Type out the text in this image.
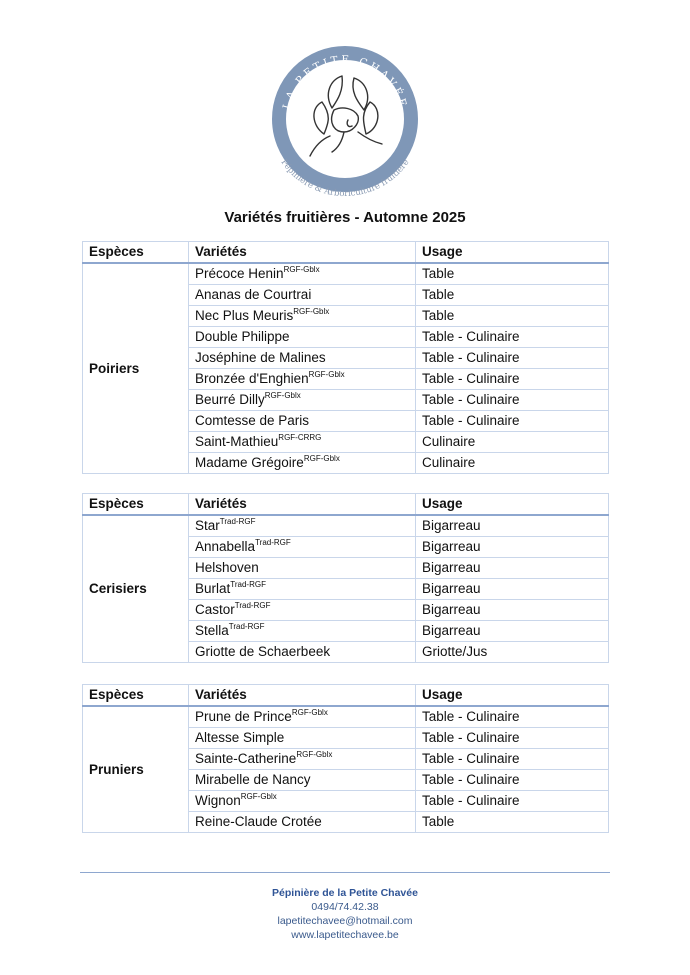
LA PETITE CHAVÉE
Pépinière & Arboriculture fruitière
Variétés fruitières - Automne 2025
Espèces	Variétés	Usage
Poiriers	Précoce Henin$^{RGF-Gblx}$	Table
	Ananas de Courtrai	Table
	Nec Plus Meuris$^{RGF-Gblx}$	Table
	Double Philippe	Table - Culinaire
	Joséphine de Malines	Table - Culinaire
	Bronzée d'Enghien$^{RGF-Gblx}$	Table - Culinaire
	Beurré Dilly$^{RGF-Gblx}$	Table - Culinaire
	Comtesse de Paris	Table - Culinaire
	Saint-Mathieu$^{RGF-CRRG}$	Culinaire
	Madame Grégoire$^{RGF-Gblx}$	Culinaire
Espèces	Variétés	Usage
Cerisiers	Star$^{Trad-RGF}$	Bigarreau
	Annabella$^{Trad-RGF}$	Bigarreau
	Helshoven	Bigarreau
	Burlat$^{Trad-RGF}$	Bigarreau
	Castor$^{Trad-RGF}$	Bigarreau
	Stella$^{Trad-RGF}$	Bigarreau
	Griotte de Schaerbeek	Griotte/Jus
Espèces	Variétés	Usage
Pruniers	Prune de Prince$^{RGF-Gblx}$	Table - Culinaire
	Altesse Simple	Table - Culinaire
	Sainte-Catherine$^{RGF-Gblx}$	Table - Culinaire
	Mirabelle de Nancy	Table - Culinaire
	Wignon$^{RGF-Gblx}$	Table - Culinaire
	Reine-Claude Crotée	Table
Pépinière de la Petite Chavée
0494/74.42.38
lapetitechavee@hotmail.com
www.lapetitechavee.be
